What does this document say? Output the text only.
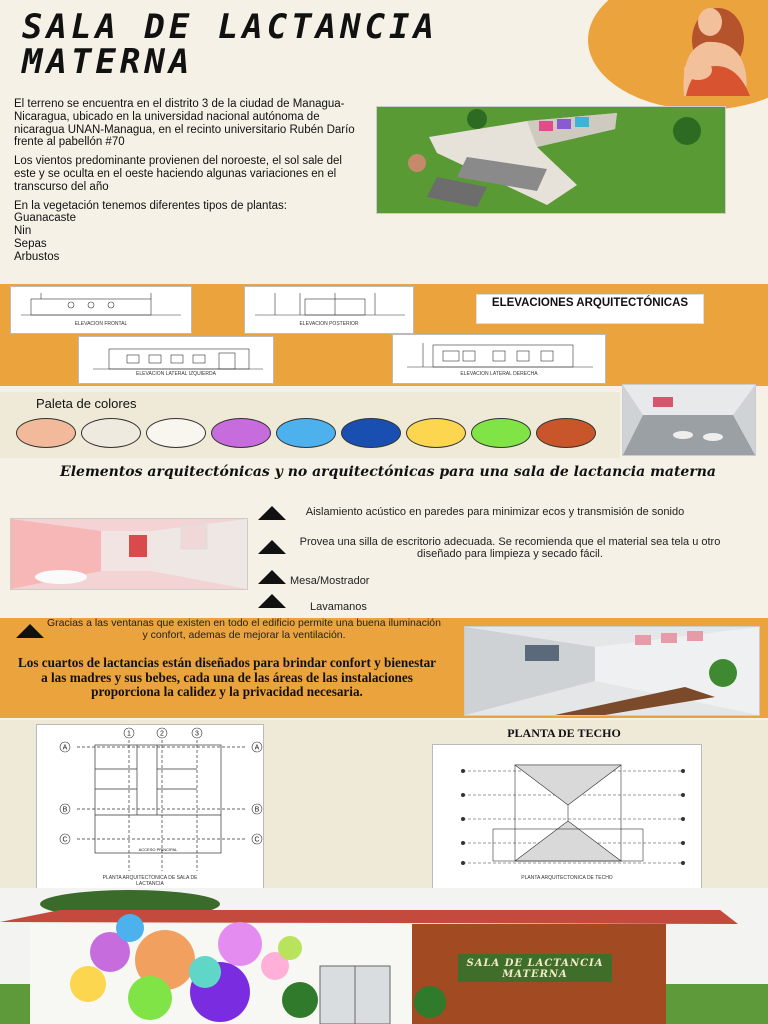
SALA DE LACTANCIA MATERNA

El terreno se encuentra en el distrito 3 de la ciudad de Managua-Nicaragua, ubicado en la universidad nacional autónoma de nicaragua UNAN-Managua, en el recinto universitario Rubén Darío frente al pabellón #70

Los vientos predominante provienen del noroeste, el sol sale del este y se oculta en el oeste haciendo algunas variaciones en el transcurso del año

En la vegetación tenemos diferentes tipos de plantas:

Guanacaste
Nin
Sepas
Arbustos
ELEVACION FRONTAL	ELEVACION POSTERIOR
ELEVACIONES ARQUITECTÓNICAS
ELEVACION LATERAL IZQUIERDA	ELEVACION LATERAL DERECHA
Paleta de colores
Elementos arquitectónicas y no arquitectónicas para una sala de lactancia materna
Aislamiento acústico en paredes para minimizar ecos y transmisión de sonido
Provea una silla de escritorio adecuada. Se recomienda que el material sea tela u otro diseñado para limpieza y secado fácil.
Mesa/Mostrador
Lavamanos
Gracias a las ventanas que existen en todo el edificio permite una buena iluminación y confort, ademas de mejorar la ventilación.
Los cuartos de lactancias están diseñados para brindar confort y bienestar a las madres y sus bebes, cada una de las áreas de las instalaciones proporciona la calidez y la privacidad necesaria.
1	2	3
A
B
C
A
B
C
ACCESO PRINCIPAL
PLANTA ARQUITECTONICA DE SALA DE LACTANCIA
PLANTA DE TECHO
PLANTA ARQUITECTONICA DE TECHO
SALA DE LACTANCIA MATERNA
